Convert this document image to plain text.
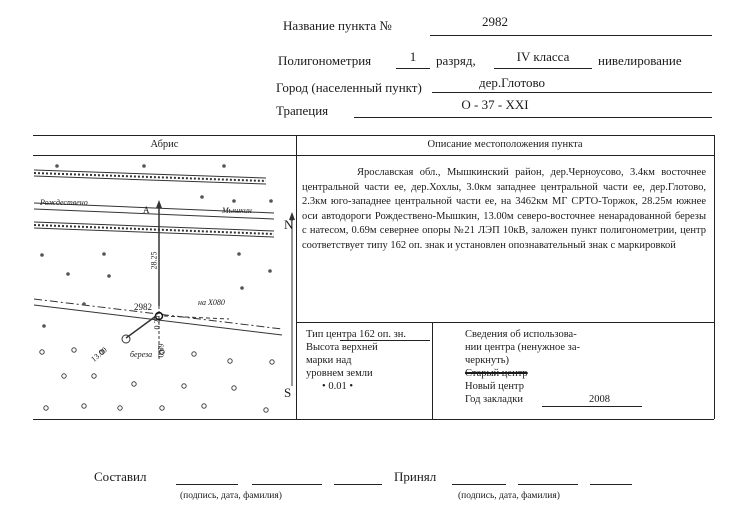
Название пункта №	2982
Полигонометрия	1	разряд,	IV класса	нивелирование
Город (населенный пункт)	дер.Глотово
Трапеция	O - 37 - XXI
Абрис	Описание местоположения пункта
Ярославская обл., Мышкинский район, дер.Черноусово, 3.4км восточнее центральной части ее, дер.Хохлы, 3.0км западнее центральной части ее, дер.Глотово, 2.3км юго-западнее центральной части ее, на 3462км МГ СРТО-Торжок, 28.25м южнее оси автодороги Рождествено-Мышкин, 13.00м северо-восточнее ненарадованной березы с натесом, 0.69м севернее опоры №21 ЛЭП 10кВ, заложен пункт полигонометрии, центр соответствует типу 162 оп. знак и установлен опознавательный знак с маркировкой
Тип центра 162 оп. зн.
Высота верхней
марки над
уровнем земли
• 0.01 •
Сведения об использова-
нии центра (ненужное за-
черкнуть)
Старый центр
Новый центр
Год закладки	2008
Рождествено
Мышкин
А
2982	на Х080
13.00	береза 0.69
0.25
28.25
N
S
Составил
(подпись, дата, фамилия)
Принял
(подпись, дата, фамилия)
